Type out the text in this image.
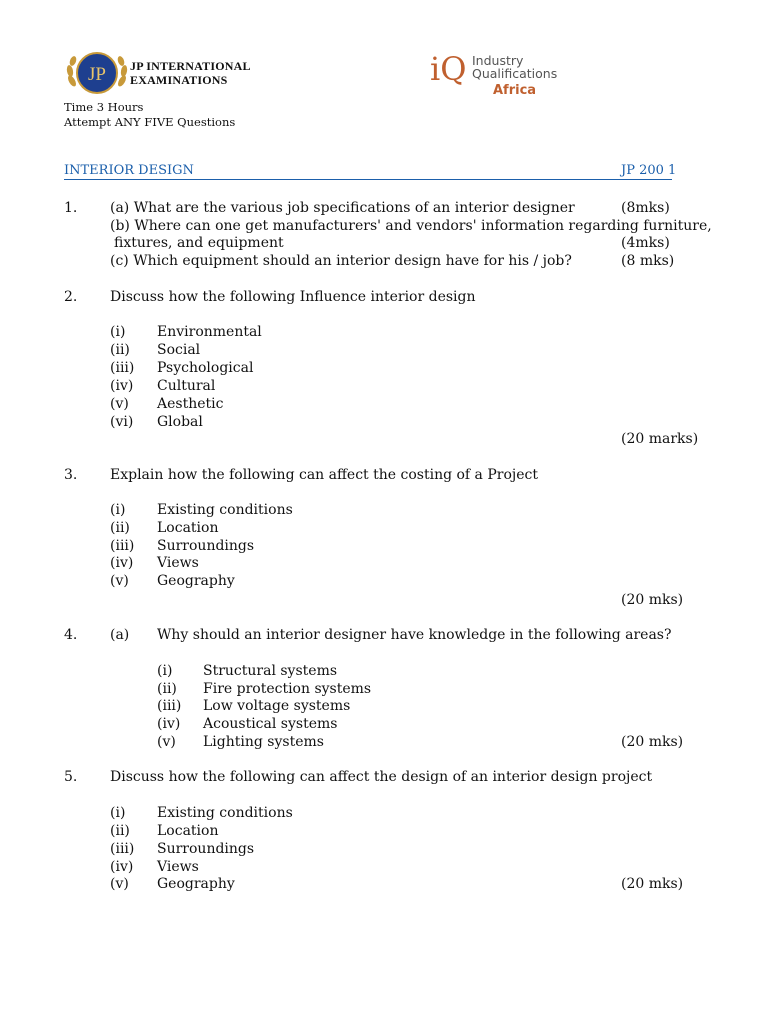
JP JP INTERNATIONAL
EXAMINATIONS	iQ Industry
Qualifications
Africa
Time 3 Hours
Attempt ANY FIVE Questions
INTERIOR DESIGN	JP 200 1
1. (a) What are the various job specifications of an interior designer	(8mks)
(b) Where can one get manufacturers' and vendors' information regarding furniture,
fixtures, and equipment	(4mks)
(c) Which equipment should an interior design have for his / job?	(8 mks)
2. Discuss how the following Influence interior design
(i) Environmental
(ii) Social
(iii) Psychological
(iv) Cultural
(v) Aesthetic
(vi) Global
(20 marks)
3. Explain how the following can affect the costing of a Project
(i) Existing conditions
(ii) Location
(iii) Surroundings
(iv) Views
(v) Geography
(20 mks)
4. (a) Why should an interior designer have knowledge in the following areas?
(i) Structural systems
(ii) Fire protection systems
(iii) Low voltage systems
(iv) Acoustical systems
(v) Lighting systems	(20 mks)
5. Discuss how the following can affect the design of an interior design project
(i) Existing conditions
(ii) Location
(iii) Surroundings
(iv) Views
(v) Geography	(20 mks)
